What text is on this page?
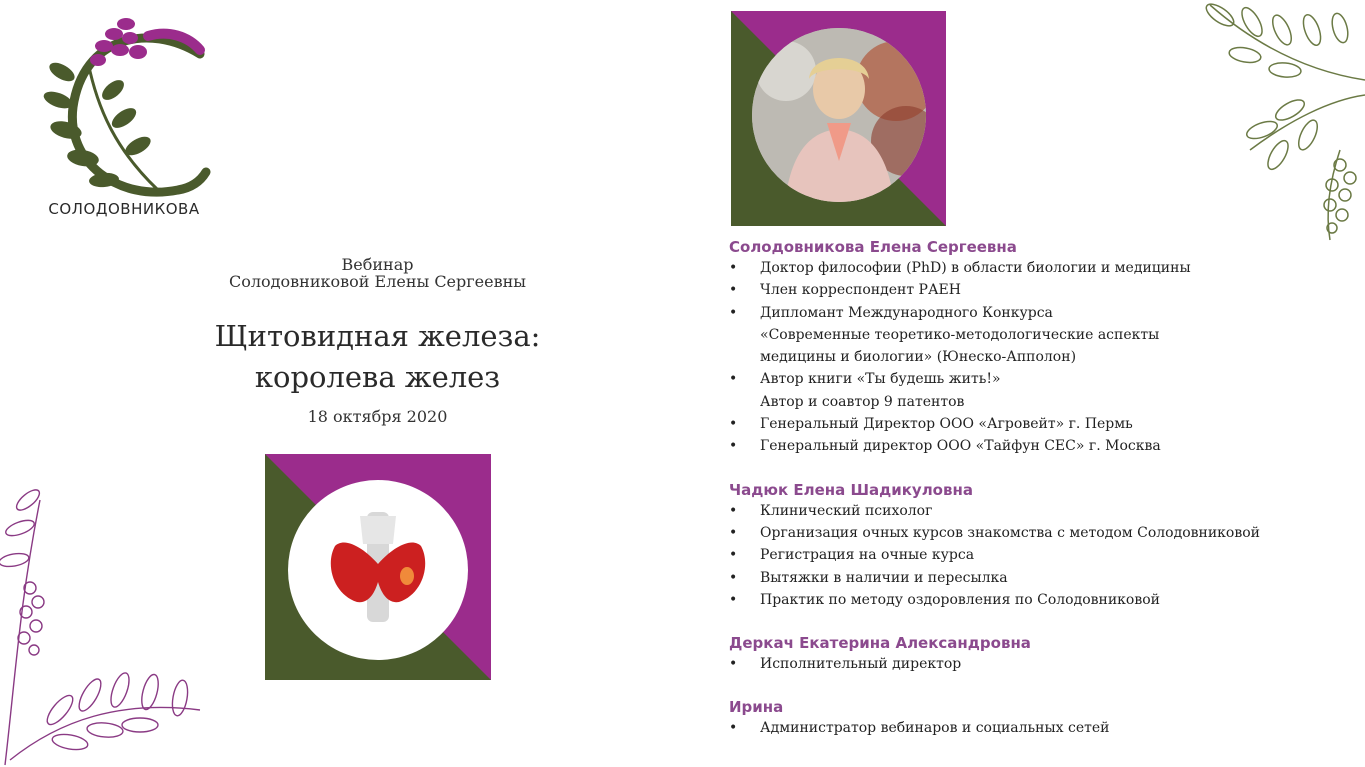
СОЛОДОВНИКОВА
Вебинар
Солодовниковой Елены Сергеевны
Щитовидная железа:
королева желез
18 октября 2020

Солодовникова Елена Сергеевна

• Доктор философии (PhD) в области биологии и медицины
• Член корреспондент РАЕН
• Дипломант Международного Конкурса
«Современные теоретико-методологические аспекты
медицины и биологии» (Юнеско-Апполон)
• Автор книги «Ты будешь жить!»
Автор и соавтор 9 патентов
• Генеральный Директор ООО «Агровейт» г. Пермь
• Генеральный директор ООО «Тайфун СЕС» г. Москва

Чадюк Елена Шадикуловна

• Клинический психолог
• Организация очных курсов знакомства с методом Солодовниковой
• Регистрация на очные курса
• Вытяжки в наличии и пересылка
• Практик по методу оздоровления по Солодовниковой

Деркач Екатерина Александровна

• Исполнительный директор

Ирина

• Администратор вебинаров и социальных сетей
